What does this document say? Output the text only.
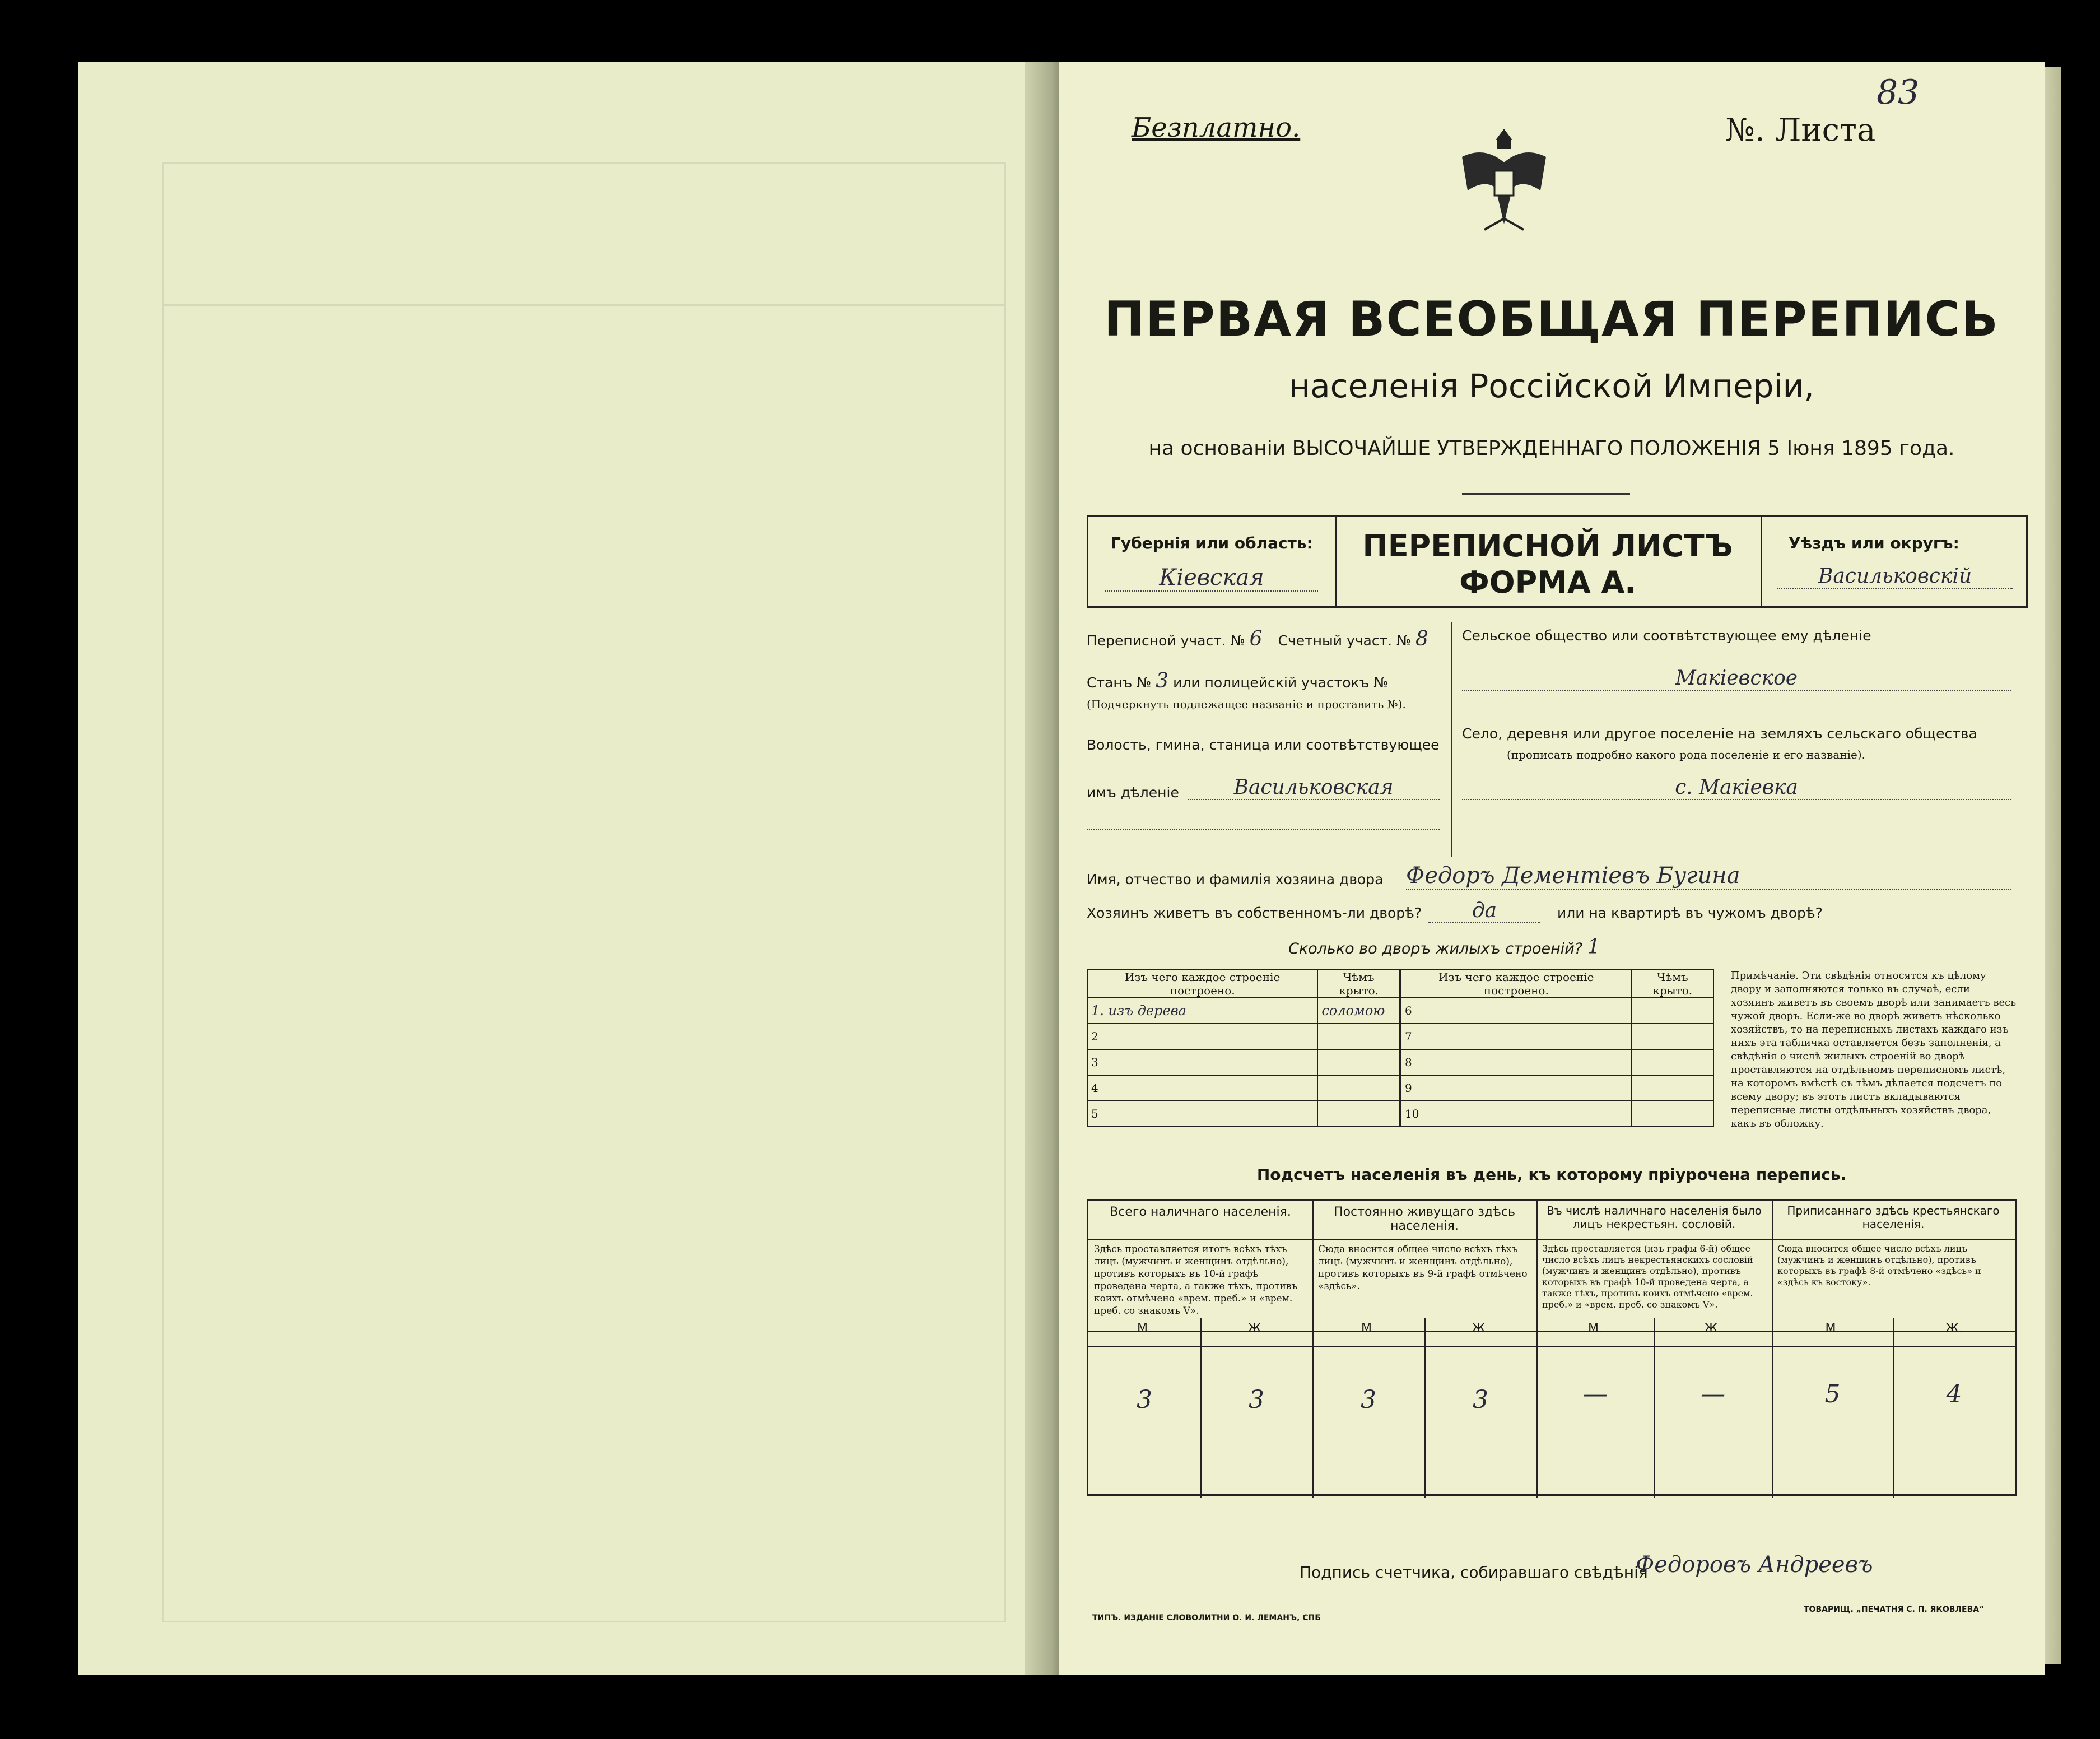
Безплатно.	№. Листа
83
ПЕРВАЯ ВСЕОБЩАЯ ПЕРЕПИСЬ
населенія Россійской Имперіи,
на основаніи ВЫСОЧАЙШЕ УТВЕРЖДЕННАГО ПОЛОЖЕНІЯ 5 Іюня 1895 года.
Губернія или область:
Кіевская
ПЕРЕПИСНОЙ ЛИСТЪ
ФОРМА А.
Уѣздъ или округъ:
Васильковскій
Переписной участ. № 6 Счетный участ. № 8
Станъ № 3 или полицейскій участокъ №
(Подчеркнуть подлежащее названіе и проставить №).
Волость, гмина, станица или соотвѣтствующее
имъ дѣленіе	Васильковская
Сельское общество или соотвѣтствующее ему дѣленіе
Макіевское
Село, деревня или другое поселеніе на земляхъ сельскаго общества
(прописать подробно какого рода поселеніе и его названіе).
с. Макіевка
Имя, отчество и фамилія хозяина двора Федоръ Дементіевъ Бугина
Хозяинъ живетъ въ собственномъ-ли дворѣ?	да	или на квартирѣ въ чужомъ дворѣ?
Сколько во дворъ жилыхъ строеній? 1
Изъ чего каждое строеніе построено.	Чѣмъ крыто.
1. изъ дерева	соломою
2	
3	
4	
5	
Изъ чего каждое строеніе построено.	Чѣмъ крыто.
6	
7	
8	
9	
10	
Примѣчаніе. Эти свѣдѣнія относятся къ цѣлому двору и заполняются только въ случаѣ, если хозяинъ живетъ въ своемъ дворѣ или занимаетъ весь чужой дворъ. Если-же во дворѣ живетъ нѣсколько хозяйствъ, то на переписныхъ листахъ каждаго изъ нихъ эта табличка оставляется безъ заполненія, а свѣдѣнія о числѣ жилыхъ строеній во дворѣ проставляются на отдѣльномъ переписномъ листѣ, на которомъ вмѣстѣ съ тѣмъ дѣлается подсчетъ по всему двору; въ этотъ листъ вкладываются переписные листы отдѣльныхъ хозяйствъ двора, какъ въ обложку.
Подсчетъ населенія въ день, къ которому пріурочена перепись.
Всего наличнаго населенія.
Здѣсь проставляется итогъ всѣхъ тѣхъ лицъ (мужчинъ и женщинъ отдѣльно), противъ которыхъ въ 10-й графѣ проведена черта, а также тѣхъ, противъ коихъ отмѣчено «врем. преб.» и «врем. преб. со знакомъ V».
М.	Ж.
3	3
Постоянно живущаго здѣсь населенія.
Сюда вносится общее число всѣхъ тѣхъ лицъ (мужчинъ и женщинъ отдѣльно), противъ которыхъ въ 9-й графѣ отмѣчено «здѣсь».
М.	Ж.
3	3
Въ числѣ наличнаго населенія было лицъ некрестьян. сословій.
Здѣсь проставляется (изъ графы 6-й) общее число всѣхъ лицъ некрестьянскихъ сословій (мужчинъ и женщинъ отдѣльно), противъ которыхъ въ графѣ 10-й проведена черта, а также тѣхъ, противъ коихъ отмѣчено «врем. преб.» и «врем. преб. со знакомъ V».
М.	Ж.
—	—
Приписаннаго здѣсь крестьянскаго населенія.
Сюда вносится общее число всѣхъ лицъ (мужчинъ и женщинъ отдѣльно), противъ которыхъ въ графѣ 8-й отмѣчено «здѣсь» и «здѣсь къ востоку».
М.	Ж.
5	4
Подпись счетчика, собиравшаго свѣдѣнія
Федоровъ Андреевъ
ТИПЪ. ИЗДАНІЕ СЛОВОЛИТНИ О. И. ЛЕМАНЪ, СПБ
ТОВАРИЩ. „ПЕЧАТНЯ С. П. ЯКОВЛЕВА“
